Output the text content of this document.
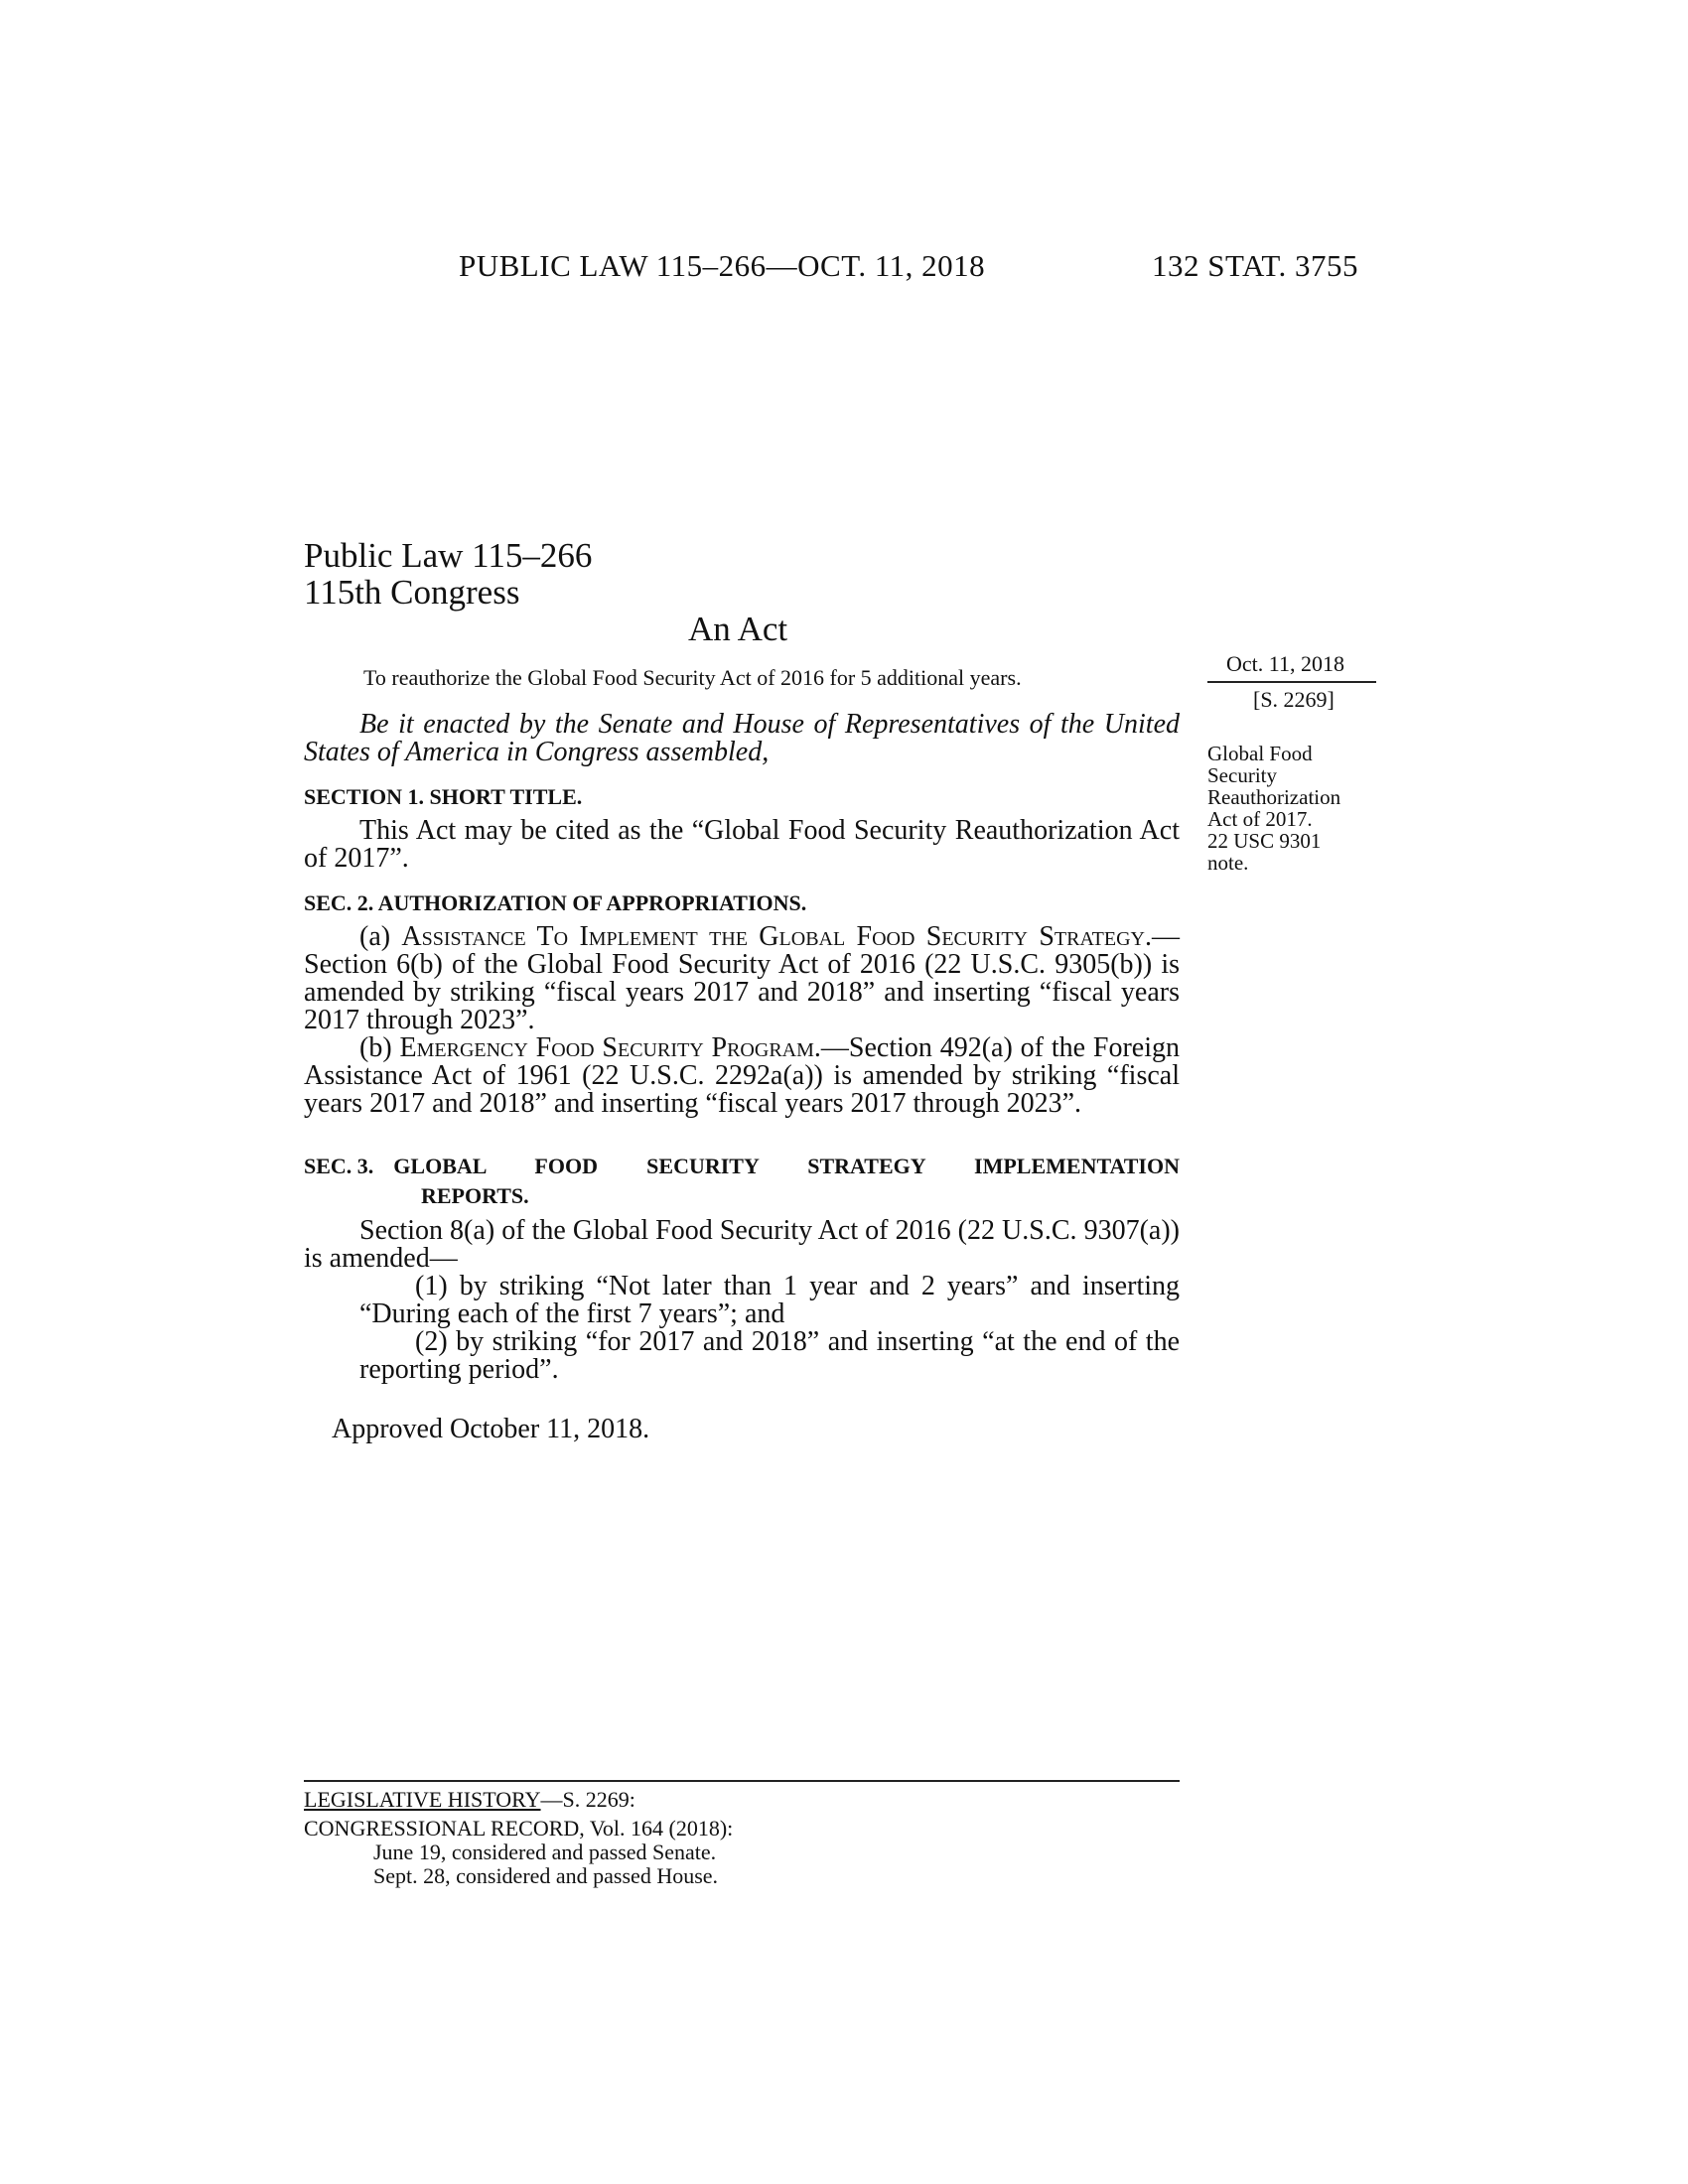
PUBLIC LAW 115–266—OCT. 11, 2018	132 STAT. 3755
Public Law 115–266
115th Congress
An Act
To reauthorize the Global Food Security Act of 2016 for 5 additional years.

Be it enacted by the Senate and House of Representatives of the United States of America in Congress assembled,

SECTION 1. SHORT TITLE.

This Act may be cited as the “Global Food Security Reauthorization Act of 2017”.

SEC. 2. AUTHORIZATION OF APPROPRIATIONS.

(a) Assistance To Implement the Global Food Security Strategy.—Section 6(b) of the Global Food Security Act of 2016 (22 U.S.C. 9305(b)) is amended by striking “fiscal years 2017 and 2018” and inserting “fiscal years 2017 through 2023”.

(b) Emergency Food Security Program.—Section 492(a) of the Foreign Assistance Act of 1961 (22 U.S.C. 2292a(a)) is amended by striking “fiscal years 2017 and 2018” and inserting “fiscal years 2017 through 2023”.

SEC. 3. GLOBAL FOOD SECURITY STRATEGY IMPLEMENTATION
REPORTS.

Section 8(a) of the Global Food Security Act of 2016 (22 U.S.C. 9307(a)) is amended—

(1) by striking “Not later than 1 year and 2 years” and inserting “During each of the first 7 years”; and

(2) by striking “for 2017 and 2018” and inserting “at the end of the reporting period”.

Approved October 11, 2018.
Oct. 11, 2018
[S. 2269]
Global Food
Security
Reauthorization
Act of 2017.
22 USC 9301
note.
LEGISLATIVE HISTORY—S. 2269:
CONGRESSIONAL RECORD, Vol. 164 (2018):
June 19, considered and passed Senate.
Sept. 28, considered and passed House.
